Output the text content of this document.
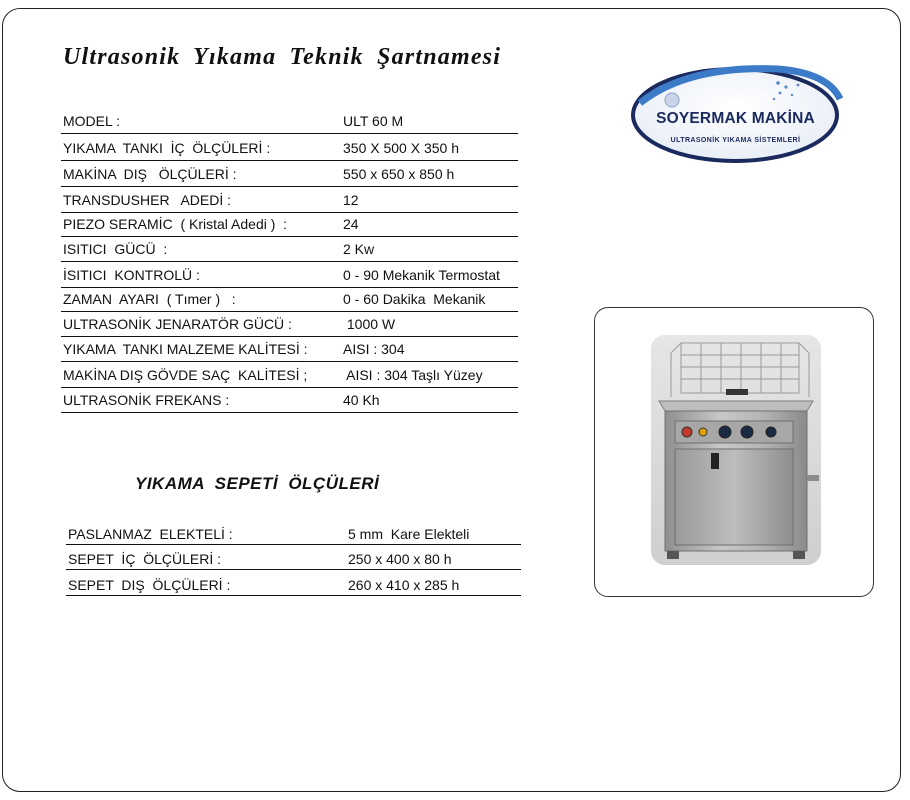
Ultrasonik Yıkama Teknik Şartnamesi
SOYERMAK MAKİNA
ULTRASONİK YIKAMA SİSTEMLERİ
MODEL :	ULT 60 M
YIKAMA  TANKI  İÇ  ÖLÇÜLERİ :	350 X 500 X 350 h
MAKİNA  DIŞ   ÖLÇÜLERİ :	550 x 650 x 850 h
TRANSDUSHER   ADEDİ :	12
PIEZO SERAMİC  ( Kristal Adedi )  :	24
ISITICI  GÜCÜ  :	2 Kw
İSITICI  KONTROLÜ :	0 - 90 Mekanik Termostat
ZAMAN  AYARI  ( Tımer )   :	0 - 60 Dakika  Mekanik
ULTRASONİK JENARATÖR GÜCÜ :	1000 W
YIKAMA  TANKI MALZEME KALİTESİ :	AISI : 304
MAKİNA DIŞ GÖVDE SAÇ  KALİTESİ ;	AISI : 304 Taşlı Yüzey
ULTRASONİK FREKANS :	40 Kh
YIKAMA SEPETİ ÖLÇÜLERİ
PASLANMAZ  ELEKTELİ :	5 mm  Kare Elekteli
SEPET  İÇ  ÖLÇÜLERİ :	250 x 400 x 80 h
SEPET  DIŞ  ÖLÇÜLERİ :	260 x 410 x 285 h
